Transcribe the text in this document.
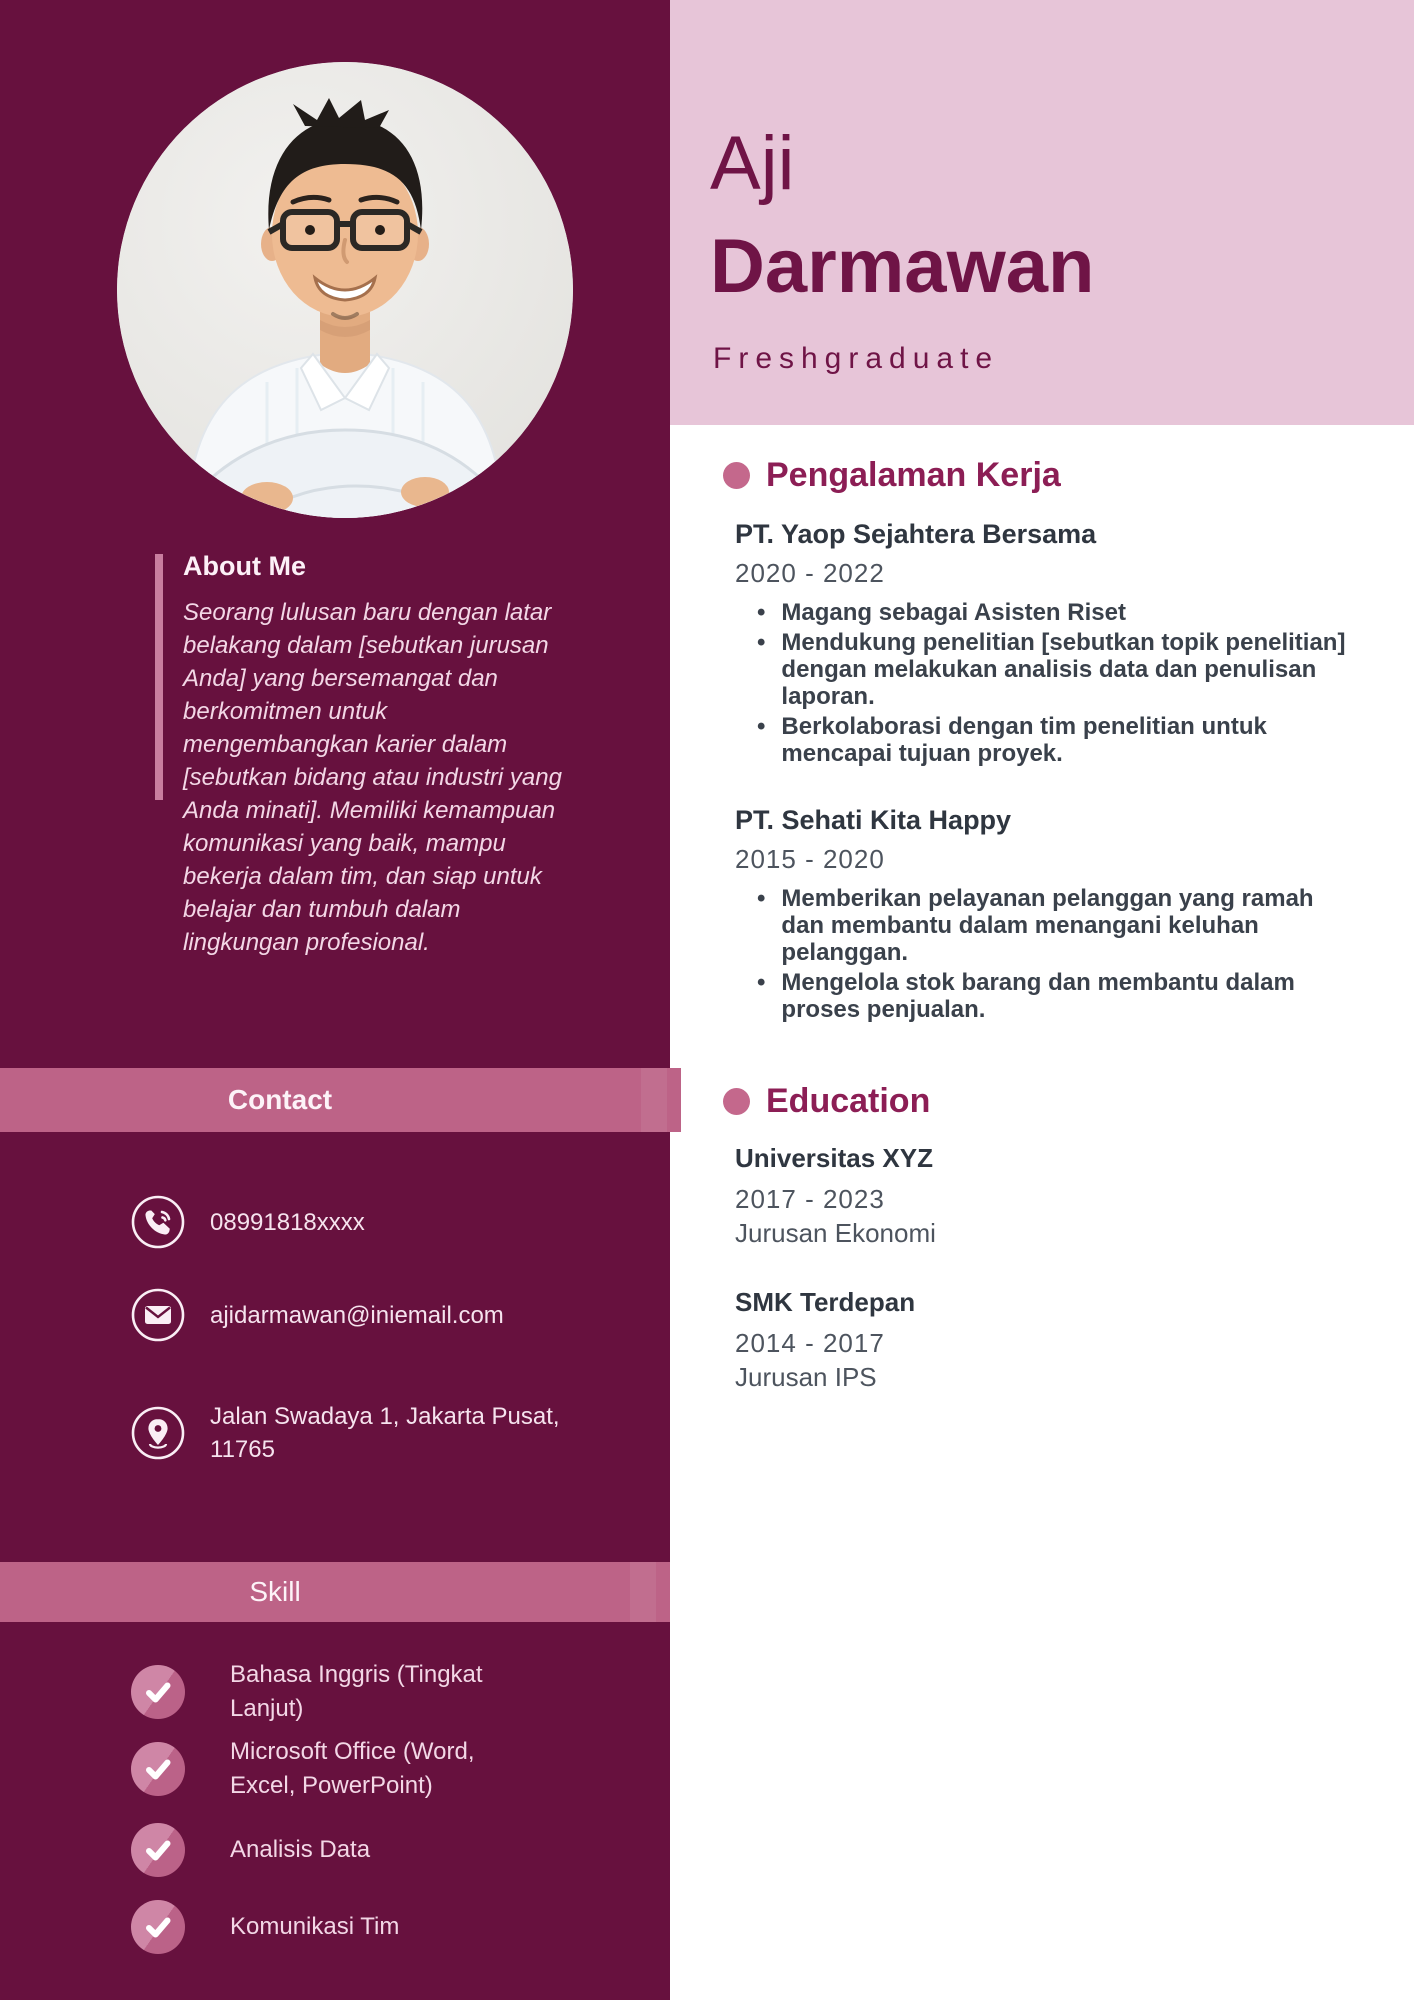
Aji
Darmawan
Freshgraduate
About Me

Seorang lulusan baru dengan latar belakang dalam [sebutkan jurusan Anda] yang bersemangat dan berkomitmen untuk mengembangkan karier dalam [sebutkan bidang atau industri yang Anda minati]. Memiliki kemampuan komunikasi yang baik, mampu bekerja dalam tim, dan siap untuk belajar dan tumbuh dalam lingkungan profesional.

Contact
08991818xxxx
ajidarmawan@iniemail.com
Jalan Swadaya 1, Jakarta Pusat, 11765
Skill
Bahasa Inggris (Tingkat Lanjut)
Microsoft Office (Word, Excel, PowerPoint)
Analisis Data
Komunikasi Tim
Pengalaman Kerja
PT. Yaop Sejahtera Bersama
2020 - 2022
• Magang sebagai Asisten Riset
• Mendukung penelitian [sebutkan topik penelitian] dengan melakukan analisis data dan penulisan laporan.
• Berkolaborasi dengan tim penelitian untuk mencapai tujuan proyek.
PT. Sehati Kita Happy
2015 - 2020
• Memberikan pelayanan pelanggan yang ramah dan membantu dalam menangani keluhan pelanggan.
• Mengelola stok barang dan membantu dalam proses penjualan.
Education
Universitas XYZ
2017 - 2023
Jurusan Ekonomi
SMK Terdepan
2014 - 2017
Jurusan IPS
